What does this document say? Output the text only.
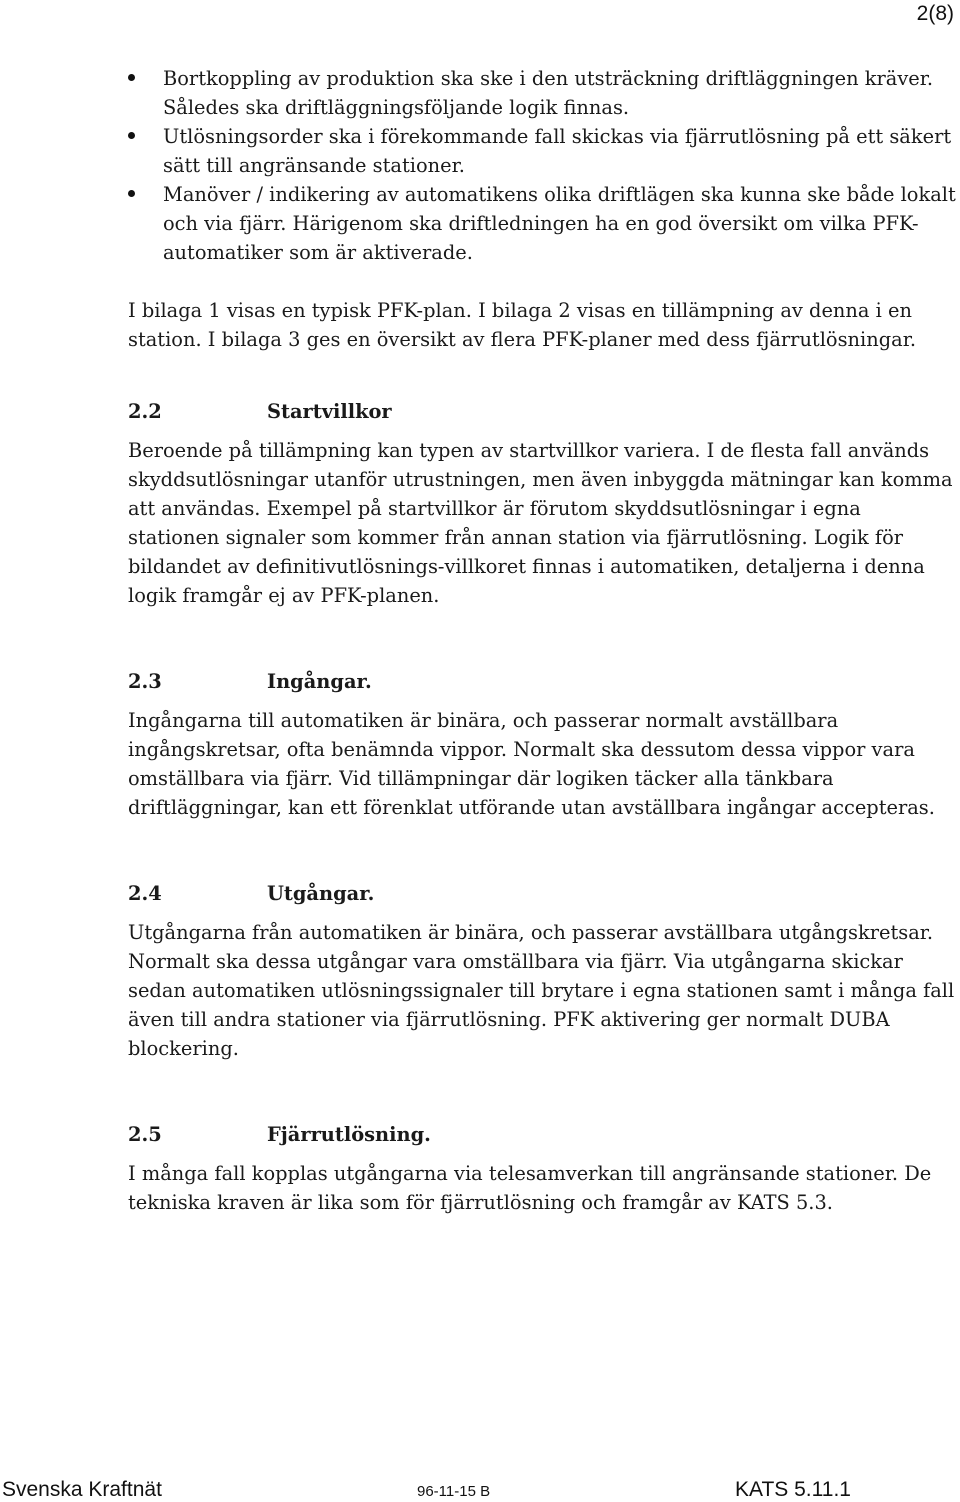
2(8)
Bortkoppling av produktion ska ske i den utsträckning driftläggningen kräver. Således ska driftläggningsföljande logik finnas.
Utlösningsorder ska i förekommande fall skickas via fjärrutlösning på ett säkert sätt till angränsande stationer.
Manöver / indikering av automatikens olika driftlägen ska kunna ske både lokalt och via fjärr. Härigenom ska driftledningen ha en god översikt om vilka PFK-automatiker som är aktiverade.

I bilaga 1 visas en typisk PFK-plan. I bilaga 2 visas en tillämpning av denna i en station. I bilaga 3 ges en översikt av flera PFK-planer med dess fjärrutlösningar.

2.2	Startvillkor

Beroende på tillämpning kan typen av startvillkor variera. I de flesta fall används skyddsutlösningar utanför utrustningen, men även inbyggda mätningar kan komma att användas. Exempel på startvillkor är förutom skyddsutlösningar i egna stationen signaler som kommer från annan station via fjärrutlösning. Logik för bildandet av definitivutlösnings-villkoret finnas i automatiken, detaljerna i denna logik framgår ej av PFK-planen.

2.3	Ingångar.

Ingångarna till automatiken är binära, och passerar normalt avställbara ingångskretsar, ofta benämnda vippor. Normalt ska dessutom dessa vippor vara omställbara via fjärr. Vid tillämpningar där logiken täcker alla tänkbara driftläggningar, kan ett förenklat utförande utan avställbara ingångar accepteras.

2.4	Utgångar.

Utgångarna från automatiken är binära, och passerar avställbara utgångskretsar. Normalt ska dessa utgångar vara omställbara via fjärr. Via utgångarna skickar sedan automatiken utlösningssignaler till brytare i egna stationen samt i många fall även till andra stationer via fjärrutlösning. PFK aktivering ger normalt DUBA blockering.

2.5	Fjärrutlösning.

I många fall kopplas utgångarna via telesamverkan till angränsande stationer. De tekniska kraven är lika som för fjärrutlösning och framgår av KATS 5.3.

Svenska Kraftnät	96-11-15 B	KATS 5.11.1
